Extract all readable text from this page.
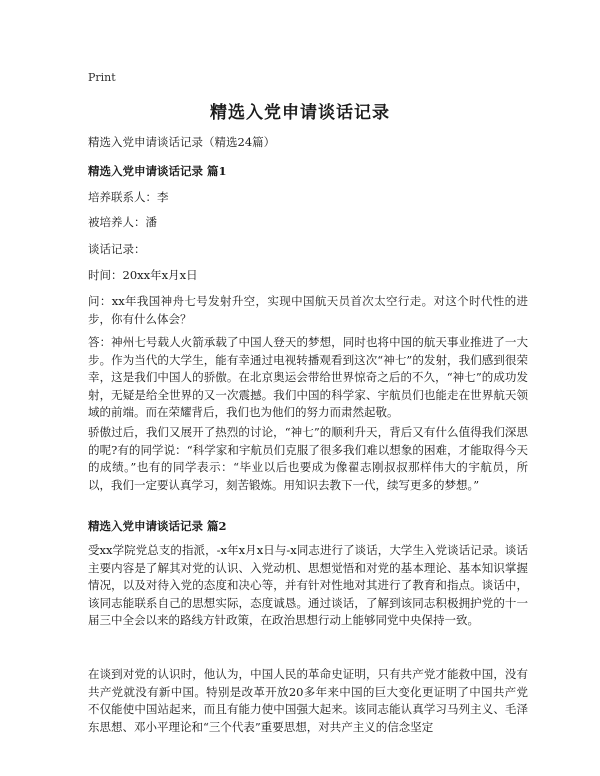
Print
精选入党申请谈话记录
精选入党申请谈话记录（精选24篇）
精选入党申请谈话记录 篇1
培养联系人：李
被培养人：潘
谈话记录：
时间：20xx年x月x日
问：xx年我国神舟七号发射升空，实现中国航天员首次太空行走。对这个时代性的进步，你有什么体会？
答：神州七号载人火箭承载了中国人登天的梦想，同时也将中国的航天事业推进了一大步。作为当代的大学生，能有幸通过电视转播观看到这次“神七”的发射，我们感到很荣幸，这是我们中国人的骄傲。在北京奥运会带给世界惊奇之后的不久，“神七”的成功发射，无疑是给全世界的又一次震撼。我们中国的科学家、宇航员们也能走在世界航天领域的前端。而在荣耀背后，我们也为他们的努力而肃然起敬。
骄傲过后，我们又展开了热烈的讨论，“神七”的顺利升天，背后又有什么值得我们深思的呢?有的同学说：“科学家和宇航员们克服了很多我们难以想象的困难，才能取得今天的成绩。”也有的同学表示：“毕业以后也要成为像翟志刚叔叔那样伟大的宇航员，所以，我们一定要认真学习，刻苦锻炼。用知识去教下一代，续写更多的梦想。”
精选入党申请谈话记录 篇2
受xx学院党总支的指派，-x年x月x日与-x同志进行了谈话，大学生入党谈话记录。谈话主要内容是了解其对党的认识、入党动机、思想觉悟和对党的基本理论、基本知识掌握情况，以及对待入党的态度和决心等，并有针对性地对其进行了教育和指点。谈话中，该同志能联系自己的思想实际，态度诚恳。通过谈话，了解到该同志积极拥护党的十一届三中全会以来的路线方针政策，在政治思想行动上能够同党中央保持一致。
在谈到对党的认识时，他认为，中国人民的革命史证明，只有共产党才能救中国，没有共产党就没有新中国。特别是改革开放20多年来中国的巨大变化更证明了中国共产党不仅能使中国站起来，而且有能力使中国强大起来。该同志能认真学习马列主义、毛泽东思想、邓小平理论和“三个代表”重要思想，对共产主义的信念坚定
